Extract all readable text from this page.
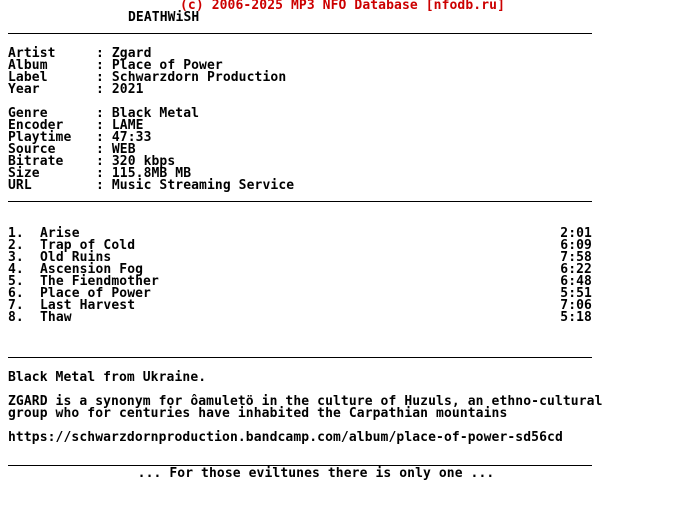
(c) 2006-2025 MP3 NFO Database [nfodb.ru]
DEATHWiSH
Artist	: Zgard
Album	: Place of Power
Label	: Schwarzdorn Production
Year	: 2021
Genre	: Black Metal
Encoder	: LAME
Playtime	: 47:33
Source	: WEB
Bitrate	: 320 kbps
Size	: 115.8MB MB
URL	: Music Streaming Service
1.	Arise	2:01
2.	Trap of Cold	6:09
3.	Old Ruins	7:58
4.	Ascension Fog	6:22
5.	The Fiendmother	6:48
6.	Place of Power	5:51
7.	Last Harvest	7:06
8.	Thaw	5:18
Black Metal from Ukraine.
ZGARD is a synonym for ôamuletö in the culture of Huzuls, an ethno-cultural
group who for centuries have inhabited the Carpathian mountains
https://schwarzdornproduction.bandcamp.com/album/place-of-power-sd56cd
... For those eviltunes there is only one ...
